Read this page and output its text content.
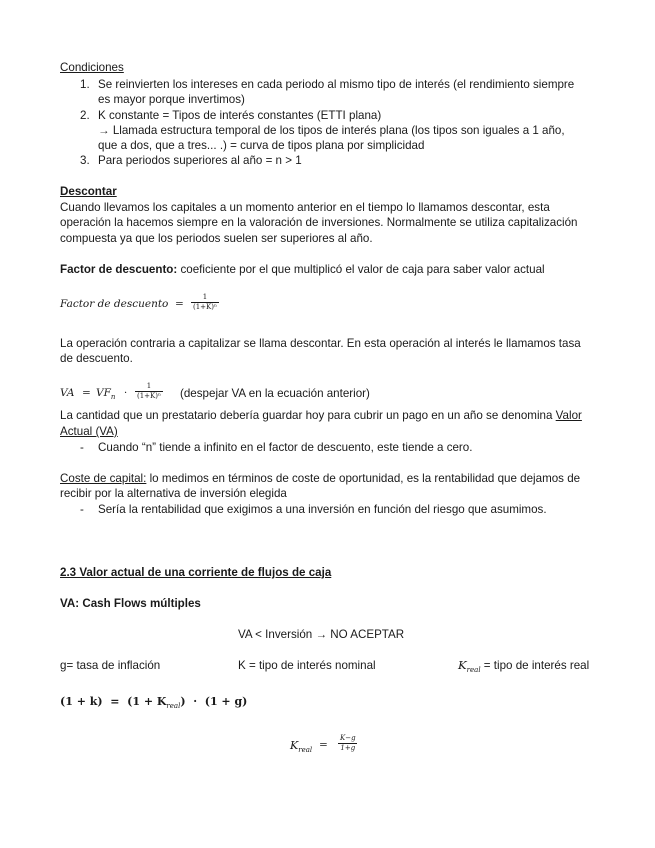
Condiciones
1. Se reinvierten los intereses en cada periodo al mismo tipo de interés (el rendimiento siempre
es mayor porque invertimos)
2. K constante = Tipos de interés constantes (ETTI plana)
→ Llamada estructura temporal de los tipos de interés plana (los tipos son iguales a 1 año,
que a dos, que a tres... .) = curva de tipos plana por simplicidad
3. Para periodos superiores al año = n > 1
Descontar
Cuando llevamos los capitales a un momento anterior en el tiempo lo llamamos descontar, esta
operación la hacemos siempre en la valoración de inversiones. Normalmente se utiliza capitalización
compuesta ya que los periodos suelen ser superiores al año.
Factor de descuento: coeficiente por el que multiplicó el valor de caja para saber valor actual
Factor de descuento = $\frac{1}{\text{(1+K)ⁿ}}$
La operación contraria a capitalizar se llama descontar. En esta operación al interés le llamamos tasa
de descuento.
VA = $VF_n \cdot \frac{1}{\text{(1+K)ⁿ}}$ (despejar VA en la ecuación anterior)
La cantidad que un prestatario debería guardar hoy para cubrir un pago en un año se denomina Valor
Actual (VA)
- Cuando “n” tiende a infinito en el factor de descuento, este tiende a cero.
Coste de capital: lo medimos en términos de coste de oportunidad, es la rentabilidad que dejamos de
recibir por la alternativa de inversión elegida
- Sería la rentabilidad que exigimos a una inversión en función del riesgo que asumimos.
2.3 Valor actual de una corriente de flujos de caja
VA: Cash Flows múltiples
VA < Inversión → NO ACEPTAR
g= tasa de inflación	K = tipo de interés nominal	$K_{real}$ = tipo de interés real
$(1 + k) = (1 + K_{real}) \cdot (1 + g)$
$K_{real} = \frac{K-g}{1+g}$
